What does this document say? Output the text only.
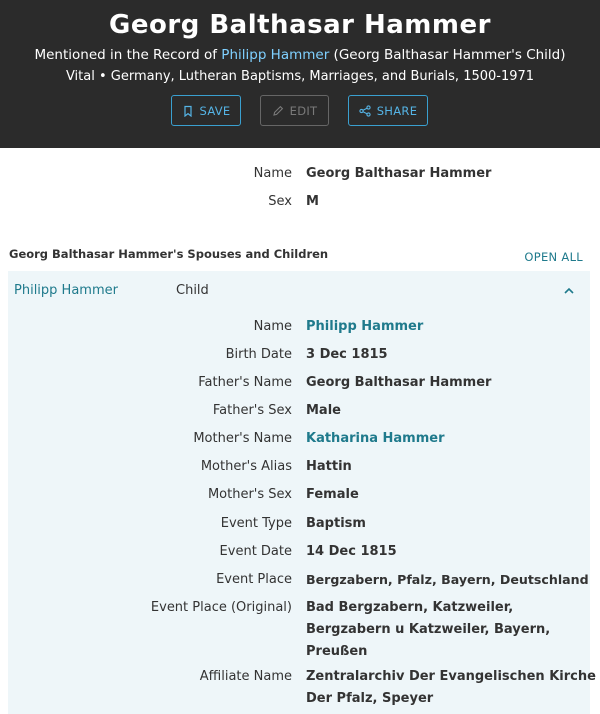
Georg Balthasar Hammer
Mentioned in the Record of Philipp Hammer (Georg Balthasar Hammer's Child)
Vital • Germany, Lutheran Baptisms, Marriages, and Burials, 1500-1971
SAVE	EDIT	SHARE
Name Georg Balthasar Hammer
Sex M
Georg Balthasar Hammer's Spouses and Children	OPEN ALL
Philipp Hammer	Child
Name Philipp Hammer
Birth Date 3 Dec 1815
Father's Name Georg Balthasar Hammer
Father's Sex Male
Mother's Name Katharina Hammer
Mother's Alias Hattin
Mother's Sex Female
Event Type Baptism
Event Date 14 Dec 1815
Event Place Bergzabern, Pfalz, Bayern, Deutschland
Event Place (Original) Bad Bergzabern, Katzweiler, Bergzabern u Katzweiler, Bayern, Preußen
Affiliate Name Zentralarchiv Der Evangelischen Kirche Der Pfalz, Speyer
